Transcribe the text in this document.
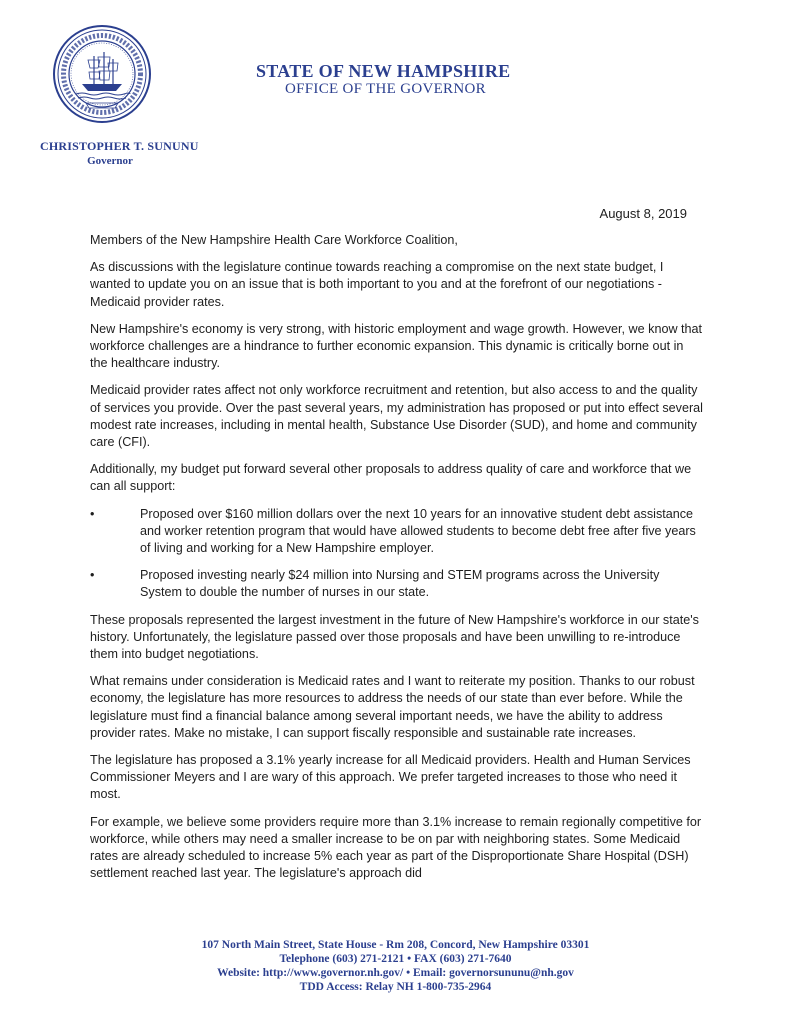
CHRISTOPHER T. SUNUNU
Governor
STATE OF NEW HAMPSHIRE
OFFICE OF THE GOVERNOR
August 8, 2019

Members of the New Hampshire Health Care Workforce Coalition,

As discussions with the legislature continue towards reaching a compromise on the next state budget, I wanted to update you on an issue that is both important to you and at the forefront of our negotiations - Medicaid provider rates.

New Hampshire's economy is very strong, with historic employment and wage growth. However, we know that workforce challenges are a hindrance to further economic expansion. This dynamic is critically borne out in the healthcare industry.

Medicaid provider rates affect not only workforce recruitment and retention, but also access to and the quality of services you provide. Over the past several years, my administration has proposed or put into effect several modest rate increases, including in mental health, Substance Use Disorder (SUD), and home and community care (CFI).

Additionally, my budget put forward several other proposals to address quality of care and workforce that we can all support:

•	Proposed over $160 million dollars over the next 10 years for an innovative student debt assistance and worker retention program that would have allowed students to become debt free after five years of living and working for a New Hampshire employer.
•	Proposed investing nearly $24 million into Nursing and STEM programs across the University System to double the number of nurses in our state.

These proposals represented the largest investment in the future of New Hampshire's workforce in our state's history. Unfortunately, the legislature passed over those proposals and have been unwilling to re-introduce them into budget negotiations.

What remains under consideration is Medicaid rates and I want to reiterate my position. Thanks to our robust economy, the legislature has more resources to address the needs of our state than ever before. While the legislature must find a financial balance among several important needs, we have the ability to address provider rates. Make no mistake, I can support fiscally responsible and sustainable rate increases.

The legislature has proposed a 3.1% yearly increase for all Medicaid providers. Health and Human Services Commissioner Meyers and I are wary of this approach. We prefer targeted increases to those who need it most.

For example, we believe some providers require more than 3.1% increase to remain regionally competitive for workforce, while others may need a smaller increase to be on par with neighboring states. Some Medicaid rates are already scheduled to increase 5% each year as part of the Disproportionate Share Hospital (DSH) settlement reached last year. The legislature's approach did

107 North Main Street, State House - Rm 208, Concord, New Hampshire 03301
Telephone (603) 271-2121 • FAX (603) 271-7640
Website: http://www.governor.nh.gov/ • Email: governorsununu@nh.gov
TDD Access: Relay NH 1-800-735-2964
